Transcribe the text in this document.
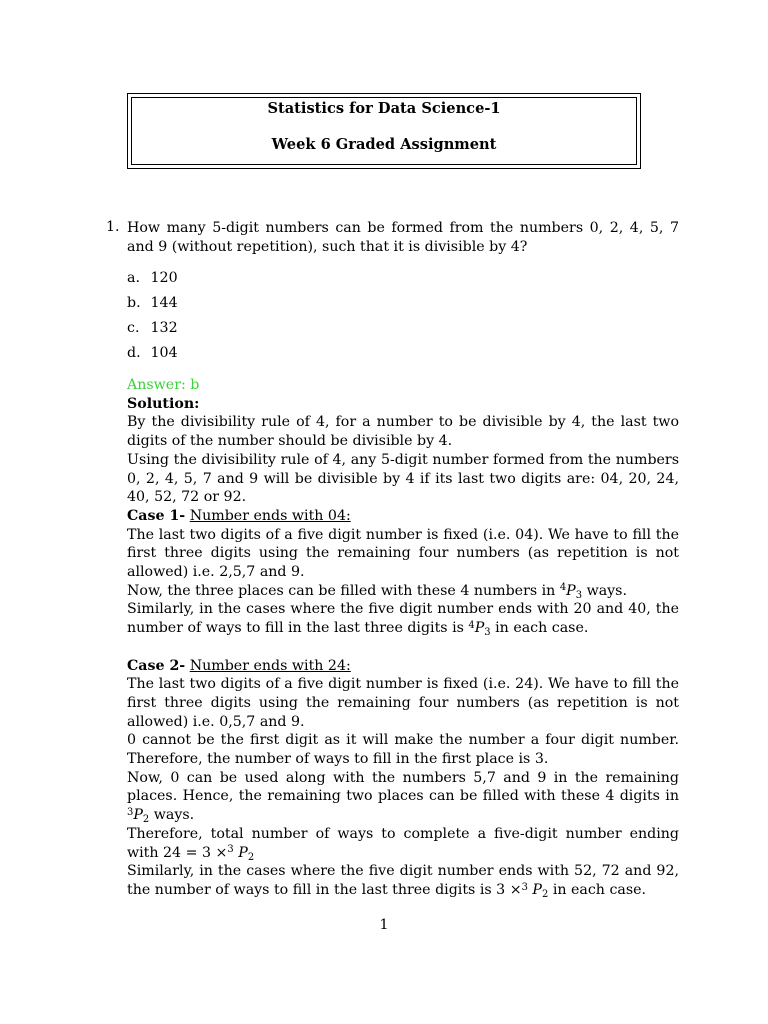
Statistics for Data Science-1
Week 6 Graded Assignment
1. How many 5-digit numbers can be formed from the numbers 0, 2, 4, 5, 7 and 9 (without repetition), such that it is divisible by 4?
a. 120
b. 144
c. 132
d. 104
Answer: b
Solution:
By the divisibility rule of 4, for a number to be divisible by 4, the last two digits of the number should be divisible by 4.
Using the divisibility rule of 4, any 5-digit number formed from the numbers 0, 2, 4, 5, 7 and 9 will be divisible by 4 if its last two digits are: 04, 20, 24, 40, 52, 72 or 92.
Case 1- Number ends with 04:
The last two digits of a five digit number is fixed (i.e. 04). We have to fill the first three digits using the remaining four numbers (as repetition is not allowed) i.e. 2,5,7 and 9.
Now, the three places can be filled with these 4 numbers in $^4P_3$ ways.
Similarly, in the cases where the five digit number ends with 20 and 40, the number of ways to fill in the last three digits is $^4P_3$ in each case.
Case 2- Number ends with 24:
The last two digits of a five digit number is fixed (i.e. 24). We have to fill the first three digits using the remaining four numbers (as repetition is not allowed) i.e. 0,5,7 and 9.
0 cannot be the first digit as it will make the number a four digit number. Therefore, the number of ways to fill in the first place is 3.
Now, 0 can be used along with the numbers 5,7 and 9 in the remaining places. Hence, the remaining two places can be filled with these 4 digits in $^3P_2$ ways.
Therefore, total number of ways to complete a five-digit number ending with 24 = 3 ×$^3$ $P_2$
Similarly, in the cases where the five digit number ends with 52, 72 and 92, the number of ways to fill in the last three digits is 3 ×$^3$ $P_2$ in each case.
1
